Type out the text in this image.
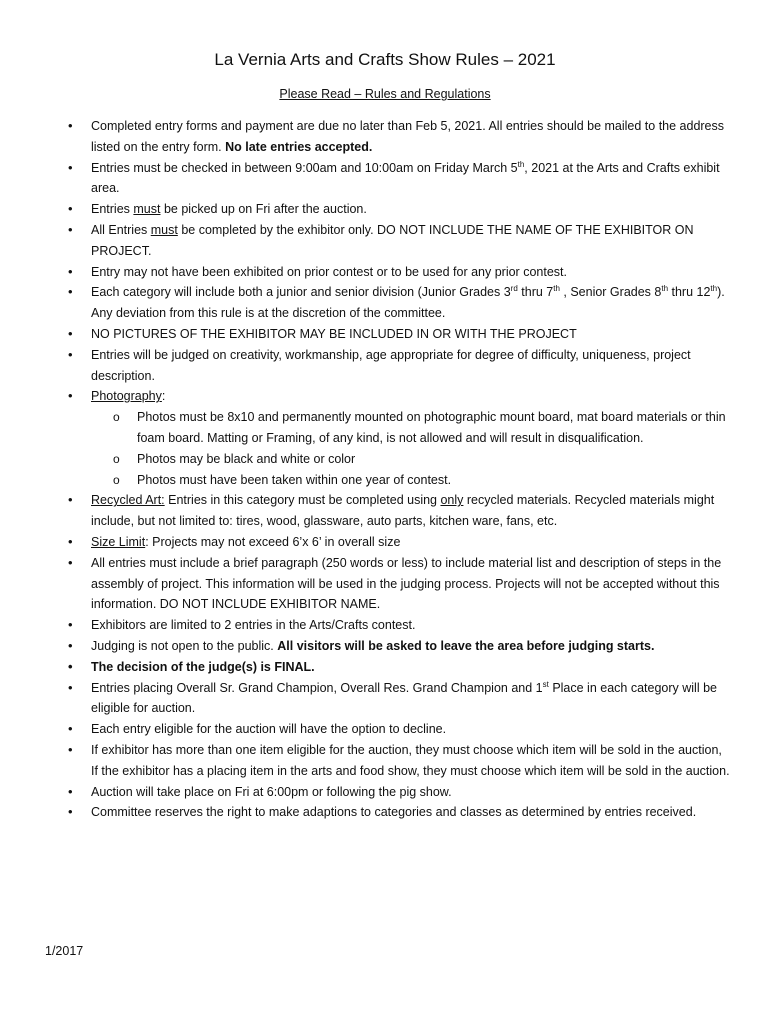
La Vernia Arts and Crafts Show Rules – 2021
Please Read – Rules and Regulations
• Completed entry forms and payment are due no later than Feb 5, 2021. All entries should be mailed to the address listed on the entry form. No late entries accepted.
• Entries must be checked in between 9:00am and 10:00am on Friday March 5th, 2021 at the Arts and Crafts exhibit area.
• Entries must be picked up on Fri after the auction.
• All Entries must be completed by the exhibitor only. DO NOT INCLUDE THE NAME OF THE EXHIBITOR ON PROJECT.
• Entry may not have been exhibited on prior contest or to be used for any prior contest.
• Each category will include both a junior and senior division (Junior Grades 3rd thru 7th , Senior Grades 8th thru 12th). Any deviation from this rule is at the discretion of the committee.
• NO PICTURES OF THE EXHIBITOR MAY BE INCLUDED IN OR WITH THE PROJECT
• Entries will be judged on creativity, workmanship, age appropriate for degree of difficulty, uniqueness, project description.
• Photography:
o Photos must be 8x10 and permanently mounted on photographic mount board, mat board materials or thin foam board. Matting or Framing, of any kind, is not allowed and will result in disqualification.
o Photos may be black and white or color
o Photos must have been taken within one year of contest.
• Recycled Art: Entries in this category must be completed using only recycled materials. Recycled materials might include, but not limited to: tires, wood, glassware, auto parts, kitchen ware, fans, etc.
• Size Limit: Projects may not exceed 6’x 6’ in overall size
• All entries must include a brief paragraph (250 words or less) to include material list and description of steps in the assembly of project. This information will be used in the judging process. Projects will not be accepted without this information. DO NOT INCLUDE EXHIBITOR NAME.
• Exhibitors are limited to 2 entries in the Arts/Crafts contest.
• Judging is not open to the public. All visitors will be asked to leave the area before judging starts.
• The decision of the judge(s) is FINAL.
• Entries placing Overall Sr. Grand Champion, Overall Res. Grand Champion and 1st Place in each category will be eligible for auction.
• Each entry eligible for the auction will have the option to decline.
• If exhibitor has more than one item eligible for the auction, they must choose which item will be sold in the auction, If the exhibitor has a placing item in the arts and food show, they must choose which item will be sold in the auction.
• Auction will take place on Fri at 6:00pm or following the pig show.
• Committee reserves the right to make adaptions to categories and classes as determined by entries received.
1/2017
